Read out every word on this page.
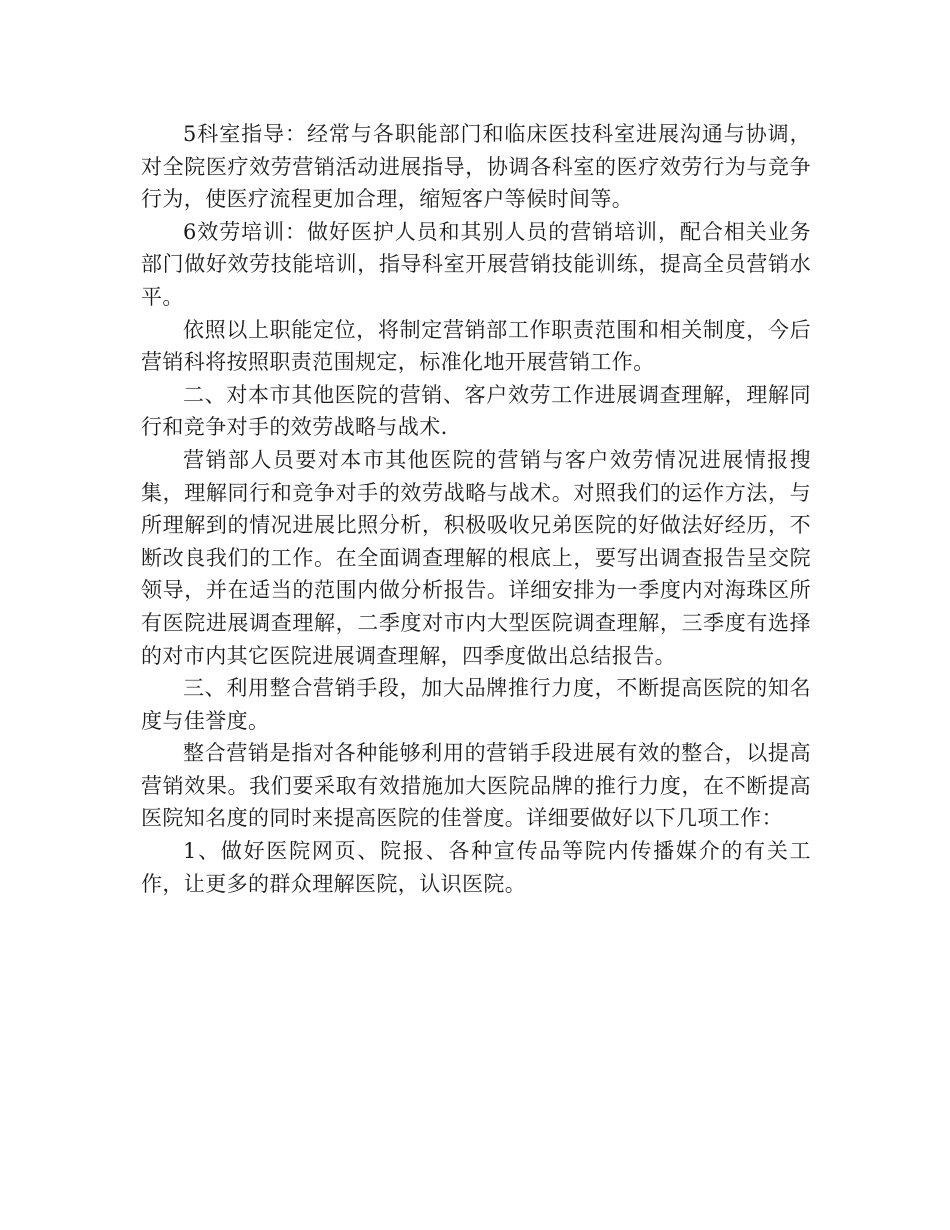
5科室指导：经常与各职能部门和临床医技科室进展沟通与协调，对全院医疗效劳营销活动进展指导，协调各科室的医疗效劳行为与竞争行为，使医疗流程更加合理，缩短客户等候时间等。

6效劳培训：做好医护人员和其别人员的营销培训，配合相关业务部门做好效劳技能培训，指导科室开展营销技能训练，提高全员营销水平。

依照以上职能定位，将制定营销部工作职责范围和相关制度，今后营销科将按照职责范围规定，标准化地开展营销工作。

二、对本市其他医院的营销、客户效劳工作进展调查理解，理解同行和竞争对手的效劳战略与战术.

营销部人员要对本市其他医院的营销与客户效劳情况进展情报搜集，理解同行和竞争对手的效劳战略与战术。对照我们的运作方法，与所理解到的情况进展比照分析，积极吸收兄弟医院的好做法好经历，不断改良我们的工作。在全面调查理解的根底上，要写出调查报告呈交院领导，并在适当的范围内做分析报告。详细安排为一季度内对海珠区所有医院进展调查理解，二季度对市内大型医院调查理解，三季度有选择的对市内其它医院进展调查理解，四季度做出总结报告。

三、利用整合营销手段，加大品牌推行力度，不断提高医院的知名度与佳誉度。

整合营销是指对各种能够利用的营销手段进展有效的整合，以提高营销效果。我们要采取有效措施加大医院品牌的推行力度，在不断提高医院知名度的同时来提高医院的佳誉度。详细要做好以下几项工作：

1、做好医院网页、院报、各种宣传品等院内传播媒介的有关工作，让更多的群众理解医院，认识医院。
